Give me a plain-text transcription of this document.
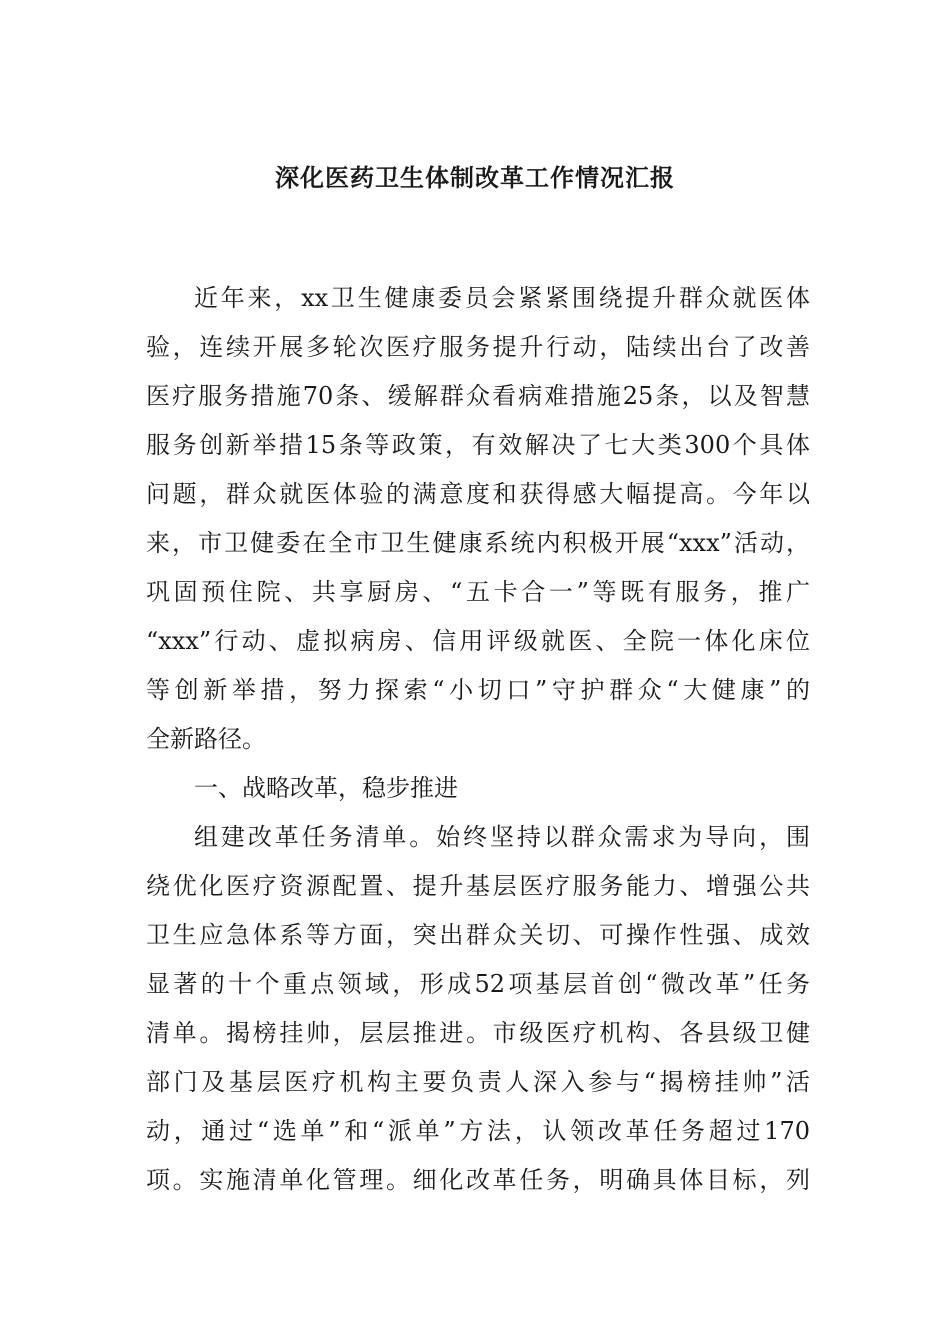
深化医药卫生体制改革工作情况汇报
近年来，xx卫生健康委员会紧紧围绕提升群众就医体
验，连续开展多轮次医疗服务提升行动，陆续出台了改善
医疗服务措施70条、缓解群众看病难措施25条，以及智慧
服务创新举措15条等政策，有效解决了七大类300个具体
问题，群众就医体验的满意度和获得感大幅提高。今年以
来，市卫健委在全市卫生健康系统内积极开展“xxx”活动，
巩固预住院、共享厨房、“五卡合一”等既有服务，推广
“xxx”行动、虚拟病房、信用评级就医、全院一体化床位
等创新举措，努力探索“小切口”守护群众“大健康”的
全新路径。
一、战略改革，稳步推进
组建改革任务清单。始终坚持以群众需求为导向，围
绕优化医疗资源配置、提升基层医疗服务能力、增强公共
卫生应急体系等方面，突出群众关切、可操作性强、成效
显著的十个重点领域，形成52项基层首创“微改革”任务
清单。揭榜挂帅，层层推进。市级医疗机构、各县级卫健
部门及基层医疗机构主要负责人深入参与“揭榜挂帅”活
动，通过“选单”和“派单”方法，认领改革任务超过170
项。实施清单化管理。细化改革任务，明确具体目标，列
